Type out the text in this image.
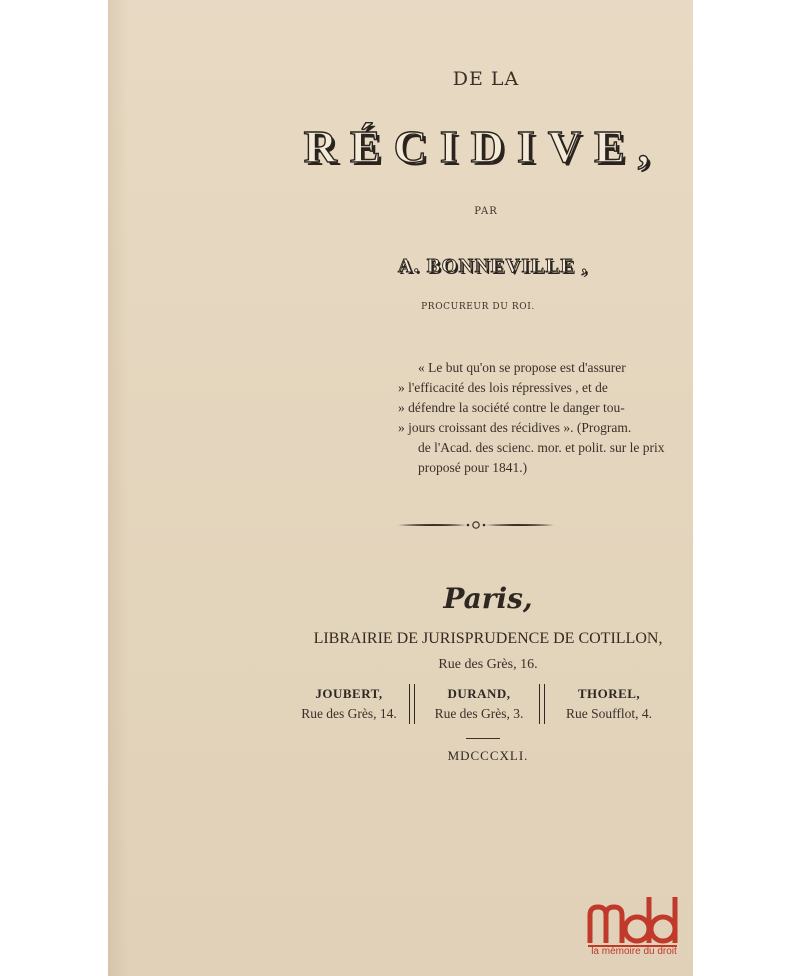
DE LA
RÉCIDIVE,
PAR
A. BONNEVILLE ,
PROCUREUR DU ROI.
« Le but qu'on se propose est d'assurer
» l'efficacité des lois répressives , et de
» défendre la société contre le danger tou-
» jours croissant des récidives ». (Program.
de l'Acad. des scienc. mor. et polit. sur le prix
proposé pour 1841.)
Paris,
LIBRAIRIE DE JURISPRUDENCE DE COTILLON,
Rue des Grès, 16.
JOUBERT,
Rue des Grès, 14.
DURAND,
Rue des Grès, 3.
THOREL,
Rue Soufflot, 4.
MDCCCXLI.
la mémoire du droit
